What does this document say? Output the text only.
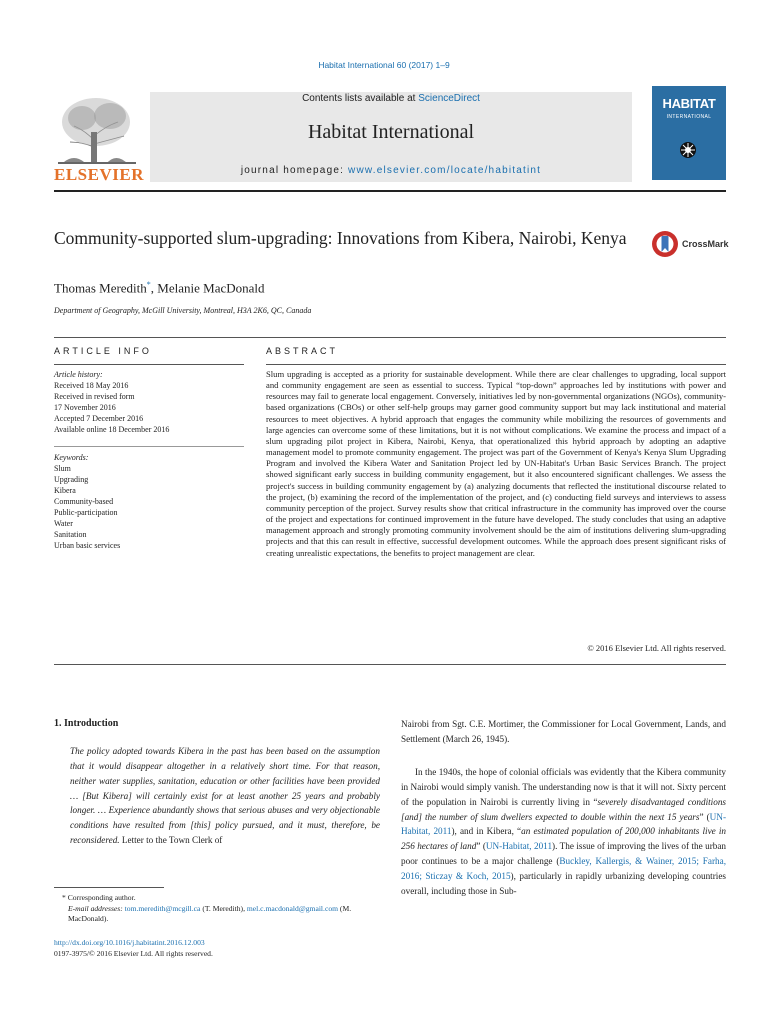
Habitat International 60 (2017) 1–9
ELSEVIER
Contents lists available at ScienceDirect
Habitat International
journal homepage: www.elsevier.com/locate/habitatint
HABITAT
INTERNATIONAL
Community-supported slum-upgrading: Innovations from Kibera, Nairobi, Kenya	CrossMark
Thomas Meredith*, Melanie MacDonald
Department of Geography, McGill University, Montreal, H3A 2K6, QC, Canada
ARTICLE INFO	ABSTRACT
Article history:
Received 18 May 2016
Received in revised form
17 November 2016
Accepted 7 December 2016
Available online 18 December 2016
Keywords:
Slum
Upgrading
Kibera
Community-based
Public-participation
Water
Sanitation
Urban basic services
Slum upgrading is accepted as a priority for sustainable development. While there are clear challenges to upgrading, local support and community engagement are seen as essential to success. Typical “top-down” approaches led by institutions with power and resources may fail to generate local engagement. Conversely, initiatives led by non-governmental organizations (NGOs), community-based organizations (CBOs) or other self-help groups may garner good community support but may lack institutional and material resources to meet objectives. A hybrid approach that engages the community while mobilizing the resources of governments and large agencies can overcome some of these limitations, but it is not without complications. We examine the process and impact of a slum upgrading pilot project in Kibera, Nairobi, Kenya, that operationalized this hybrid approach by adopting an adaptive management model to promote community engagement. The project was part of the Government of Kenya's Kenya Slum Upgrading Program and involved the Kibera Water and Sanitation Project led by UN-Habitat's Urban Basic Services Branch. The project showed significant early success in building community engagement, but it also encountered significant challenges. We assess the project's success in building community engagement by (a) analyzing documents that reflected the institutional discourse related to the project, (b) examining the record of the implementation of the project, and (c) conducting field surveys and interviews to assess community perception of the project. Survey results show that critical infrastructure in the community has improved over the course of the project and expectations for continued improvement in the future have developed. The study concludes that using an adaptive management approach and strongly promoting community involvement should be the aim of institutions delivering slum-upgrading projects and that this can result in effective, successful development outcomes. While the approach does present significant risks of creating unrealistic expectations, the benefits to project management are clear.
© 2016 Elsevier Ltd. All rights reserved.
1. Introduction
The policy adopted towards Kibera in the past has been based on the assumption that it would disappear altogether in a relatively short time. For that reason, neither water supplies, sanitation, education or other facilities have been provided … [But Kibera] will certainly exist for at least another 25 years and probably longer. … Experience abundantly shows that serious abuses and very objectionable conditions have resulted from [this] policy pursued, and it must, therefore, be reconsidered. Letter to the Town Clerk of
Nairobi from Sgt. C.E. Mortimer, the Commissioner for Local Government, Lands, and Settlement (March 26, 1945).
In the 1940s, the hope of colonial officials was evidently that the Kibera community in Nairobi would simply vanish. The understanding now is that it will not. Sixty percent of the population in Nairobi is currently living in “severely disadvantaged conditions [and] the number of slum dwellers expected to double within the next 15 years” (UN-Habitat, 2011), and in Kibera, “an estimated population of 200,000 inhabitants live in 256 hectares of land” (UN-Habitat, 2011). The issue of improving the lives of the urban poor continues to be a major challenge (Buckley, Kallergis, & Wainer, 2015; Farha, 2016; Sticzay & Koch, 2015), particularly in rapidly urbanizing developing countries overall, including those in Sub-
* Corresponding author.
E-mail addresses: tom.meredith@mcgill.ca (T. Meredith), mel.c.macdonald@gmail.com (M. MacDonald).
http://dx.doi.org/10.1016/j.habitatint.2016.12.003
0197-3975/© 2016 Elsevier Ltd. All rights reserved.
